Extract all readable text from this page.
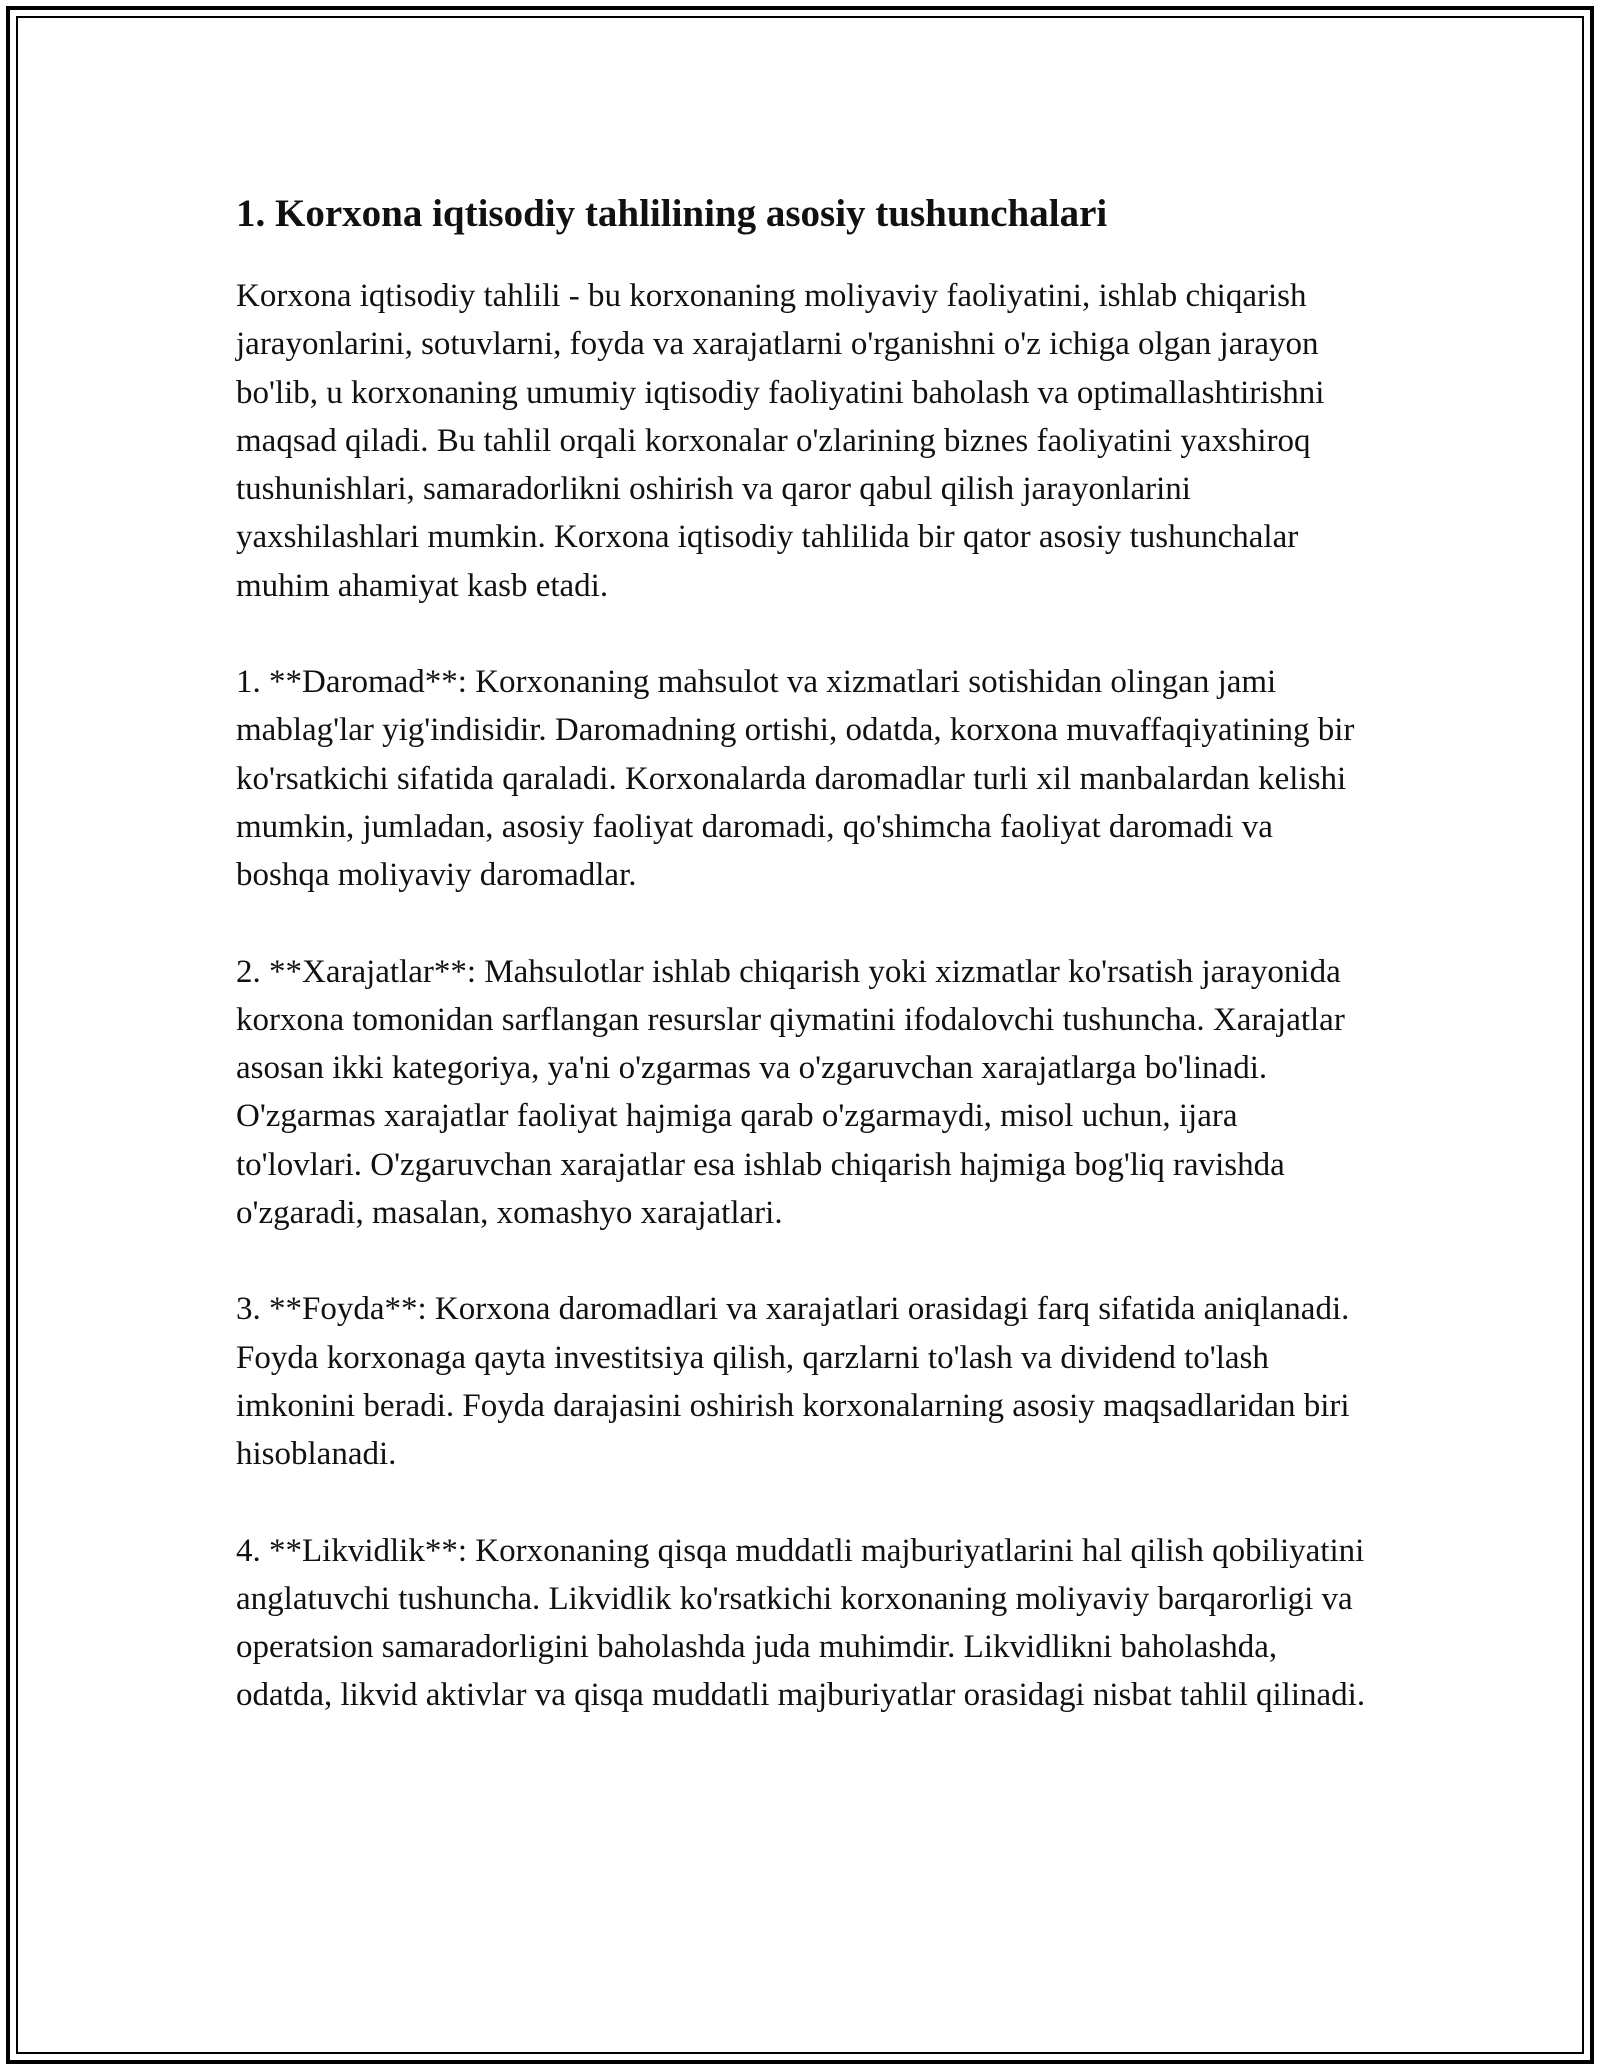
1. Korxona iqtisodiy tahlilining asosiy tushunchalari

Korxona iqtisodiy tahlili - bu korxonaning moliyaviy faoliyatini, ishlab chiqarish jarayonlarini, sotuvlarni, foyda va xarajatlarni o'rganishni o'z ichiga olgan jarayon bo'lib, u korxonaning umumiy iqtisodiy faoliyatini baholash va optimallashtirishni maqsad qiladi. Bu tahlil orqali korxonalar o'zlarining biznes faoliyatini yaxshiroq tushunishlari, samaradorlikni oshirish va qaror qabul qilish jarayonlarini yaxshilashlari mumkin. Korxona iqtisodiy tahlilida bir qator asosiy tushunchalar muhim ahamiyat kasb etadi.

1. **Daromad**: Korxonaning mahsulot va xizmatlari sotishidan olingan jami mablag'lar yig'indisidir. Daromadning ortishi, odatda, korxona muvaffaqiyatining bir ko'rsatkichi sifatida qaraladi. Korxonalarda daromadlar turli xil manbalardan kelishi mumkin, jumladan, asosiy faoliyat daromadi, qo'shimcha faoliyat daromadi va boshqa moliyaviy daromadlar.

2. **Xarajatlar**: Mahsulotlar ishlab chiqarish yoki xizmatlar ko'rsatish jarayonida korxona tomonidan sarflangan resurslar qiymatini ifodalovchi tushuncha. Xarajatlar asosan ikki kategoriya, ya'ni o'zgarmas va o'zgaruvchan xarajatlarga bo'linadi. O'zgarmas xarajatlar faoliyat hajmiga qarab o'zgarmaydi, misol uchun, ijara to'lovlari. O'zgaruvchan xarajatlar esa ishlab chiqarish hajmiga bog'liq ravishda o'zgaradi, masalan, xomashyo xarajatlari.

3. **Foyda**: Korxona daromadlari va xarajatlari orasidagi farq sifatida aniqlanadi. Foyda korxonaga qayta investitsiya qilish, qarzlarni to'lash va dividend to'lash imkonini beradi. Foyda darajasini oshirish korxonalarning asosiy maqsadlaridan biri hisoblanadi.

4. **Likvidlik**: Korxonaning qisqa muddatli majburiyatlarini hal qilish qobiliyatini anglatuvchi tushuncha. Likvidlik ko'rsatkichi korxonaning moliyaviy barqarorligi va operatsion samaradorligini baholashda juda muhimdir. Likvidlikni baholashda, odatda, likvid aktivlar va qisqa muddatli majburiyatlar orasidagi nisbat tahlil qilinadi.
